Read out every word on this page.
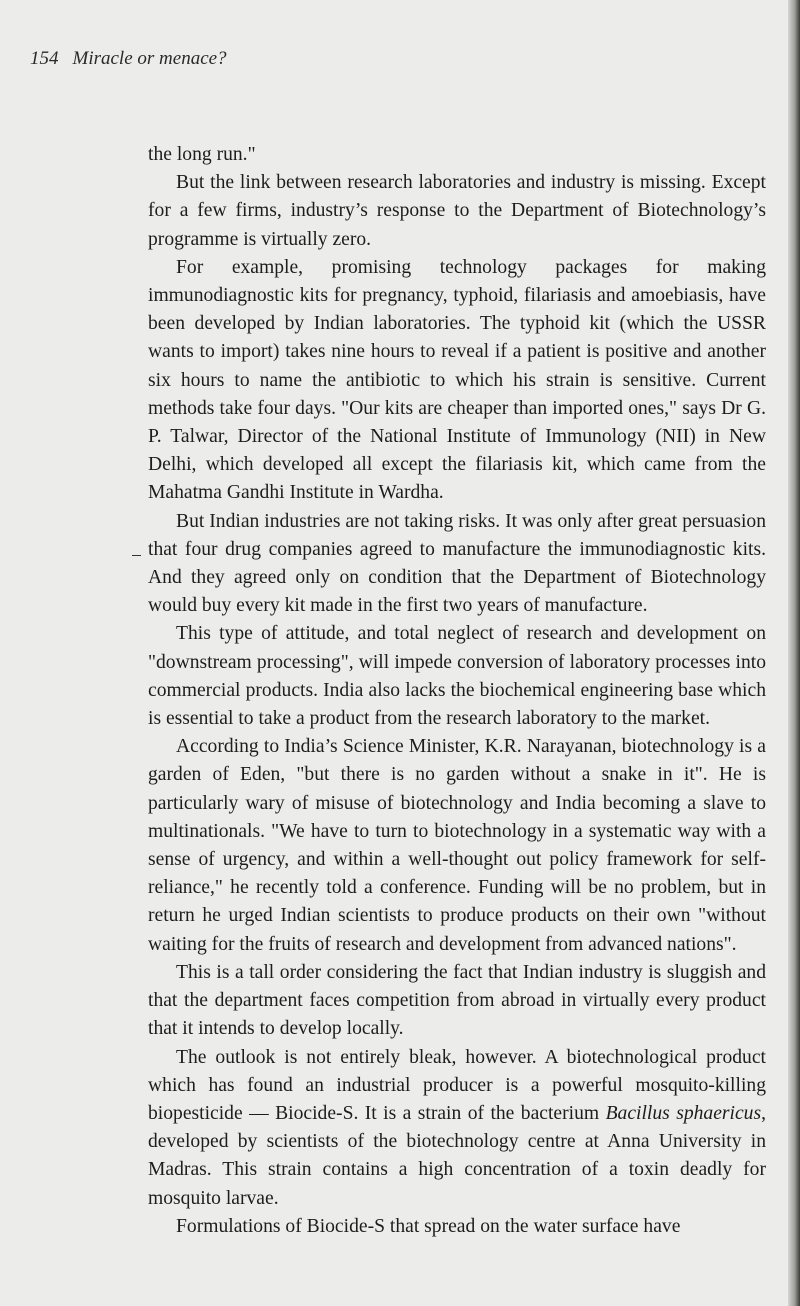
154 Miracle or menace?

the long run."

But the link between research laboratories and industry is missing. Except for a few firms, industry’s response to the Department of Biotechnology’s programme is virtually zero.

For example, promising technology packages for making immunodiagnostic kits for pregnancy, typhoid, filariasis and amoebiasis, have been developed by Indian laboratories. The typhoid kit (which the USSR wants to import) takes nine hours to reveal if a patient is positive and another six hours to name the antibiotic to which his strain is sensitive. Current methods take four days. "Our kits are cheaper than imported ones," says Dr G. P. Talwar, Director of the National Institute of Immunology (NII) in New Delhi, which developed all except the filariasis kit, which came from the Mahatma Gandhi Institute in Wardha.

But Indian industries are not taking risks. It was only after great persuasion that four drug companies agreed to manufacture the immunodiagnostic kits. And they agreed only on condition that the Department of Biotechnology would buy every kit made in the first two years of manufacture.

This type of attitude, and total neglect of research and development on "downstream processing", will impede conversion of laboratory processes into commercial products. India also lacks the biochemical engineering base which is essential to take a product from the research laboratory to the market.

According to India’s Science Minister, K.R. Narayanan, biotechnology is a garden of Eden, "but there is no garden without a snake in it". He is particularly wary of misuse of biotechnology and India becoming a slave to multinationals. "We have to turn to biotechnology in a systematic way with a sense of urgency, and within a well-thought out policy framework for self-reliance," he recently told a conference. Funding will be no problem, but in return he urged Indian scientists to produce products on their own "without waiting for the fruits of research and development from advanced nations".

This is a tall order considering the fact that Indian industry is sluggish and that the department faces competition from abroad in virtually every product that it intends to develop locally.

The outlook is not entirely bleak, however. A biotechnological product which has found an industrial producer is a powerful mosquito-killing biopesticide — Biocide-S. It is a strain of the bacterium Bacillus sphaericus, developed by scientists of the biotechnology centre at Anna University in Madras. This strain contains a high concentration of a toxin deadly for mosquito larvae.

Formulations of Biocide-S that spread on the water surface have
